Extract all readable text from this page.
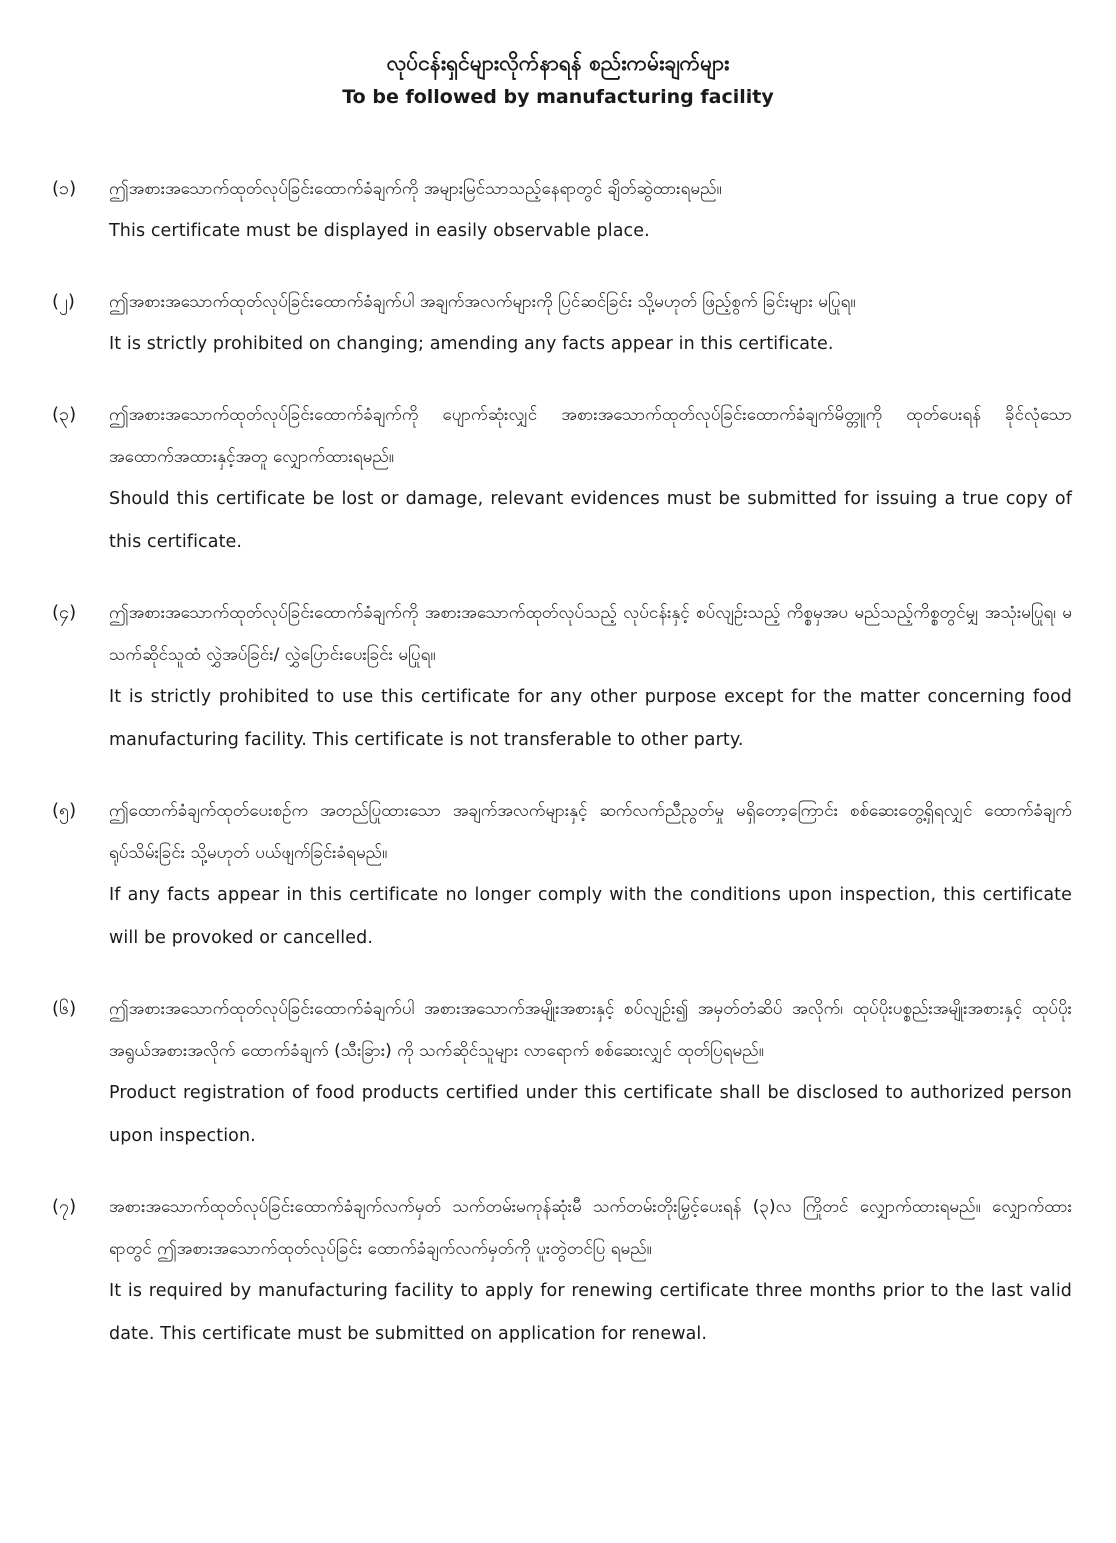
လုပ်ငန်းရှင်များလိုက်နာရန် စည်းကမ်းချက်များ
To be followed by manufacturing facility
(၁) ဤအစားအသောက်ထုတ်လုပ်ခြင်းထောက်ခံချက်ကို အများမြင်သာသည့်နေရာတွင် ချိတ်ဆွဲထားရမည်။

This certificate must be displayed in easily observable place.

(၂) ဤအစားအသောက်ထုတ်လုပ်ခြင်းထောက်ခံချက်ပါ အချက်အလက်များကို ပြင်ဆင်ခြင်း သို့မဟုတ် ဖြည့်စွက် ခြင်းများ မပြုရ။

It is strictly prohibited on changing; amending any facts appear in this certificate.

(၃) ဤအစားအသောက်ထုတ်လုပ်ခြင်းထောက်ခံချက်ကို ပျောက်ဆုံးလျှင် အစားအသောက်ထုတ်လုပ်ခြင်းထောက်ခံချက်မိတ္တူကို ထုတ်ပေးရန် ခိုင်လုံသော အထောက်အထားနှင့်အတူ လျှောက်ထားရမည်။

Should this certificate be lost or damage, relevant evidences must be submitted for issuing a true copy of this certificate.

(၄) ဤအစားအသောက်ထုတ်လုပ်ခြင်းထောက်ခံချက်ကို အစားအသောက်ထုတ်လုပ်သည့် လုပ်ငန်းနှင့် စပ်လျဉ်းသည့် ကိစ္စမှအပ မည်သည့်ကိစ္စတွင်မျှ အသုံးမပြုရ၊ မသက်ဆိုင်သူထံ လွှဲအပ်ခြင်း/ လွှဲပြောင်းပေးခြင်း မပြုရ။

It is strictly prohibited to use this certificate for any other purpose except for the matter concerning food manufacturing facility. This certificate is not transferable to other party.

(၅) ဤထောက်ခံချက်ထုတ်ပေးစဉ်က အတည်ပြုထားသော အချက်အလက်များနှင့် ဆက်လက်ညီညွတ်မှု မရှိတော့ကြောင်း စစ်ဆေးတွေ့ရှိရလျှင် ထောက်ခံချက်ရုပ်သိမ်းခြင်း သို့မဟုတ် ပယ်ဖျက်ခြင်းခံရမည်။

If any facts appear in this certificate no longer comply with the conditions upon inspection, this certificate will be provoked or cancelled.

(၆) ဤအစားအသောက်ထုတ်လုပ်ခြင်းထောက်ခံချက်ပါ အစားအသောက်အမျိုးအစားနှင့် စပ်လျဉ်း၍ အမှတ်တံဆိပ် အလိုက်၊ ထုပ်ပိုးပစ္စည်းအမျိုးအစားနှင့် ထုပ်ပိုးအရွယ်အစားအလိုက် ထောက်ခံချက် (သီးခြား) ကို သက်ဆိုင်သူများ လာရောက် စစ်ဆေးလျှင် ထုတ်ပြရမည်။

Product registration of food products certified under this certificate shall be disclosed to authorized person upon inspection.

(၇) အစားအသောက်ထုတ်လုပ်ခြင်းထောက်ခံချက်လက်မှတ် သက်တမ်းမကုန်ဆုံးမီ သက်တမ်းတိုးမြှင့်ပေးရန် (၃)လ ကြိုတင် လျှောက်ထားရမည်။ လျှောက်ထားရာတွင် ဤအစားအသောက်ထုတ်လုပ်ခြင်း ထောက်ခံချက်လက်မှတ်ကို ပူးတွဲတင်ပြ ရမည်။

It is required by manufacturing facility to apply for renewing certificate three months prior to the last valid date. This certificate must be submitted on application for renewal.
